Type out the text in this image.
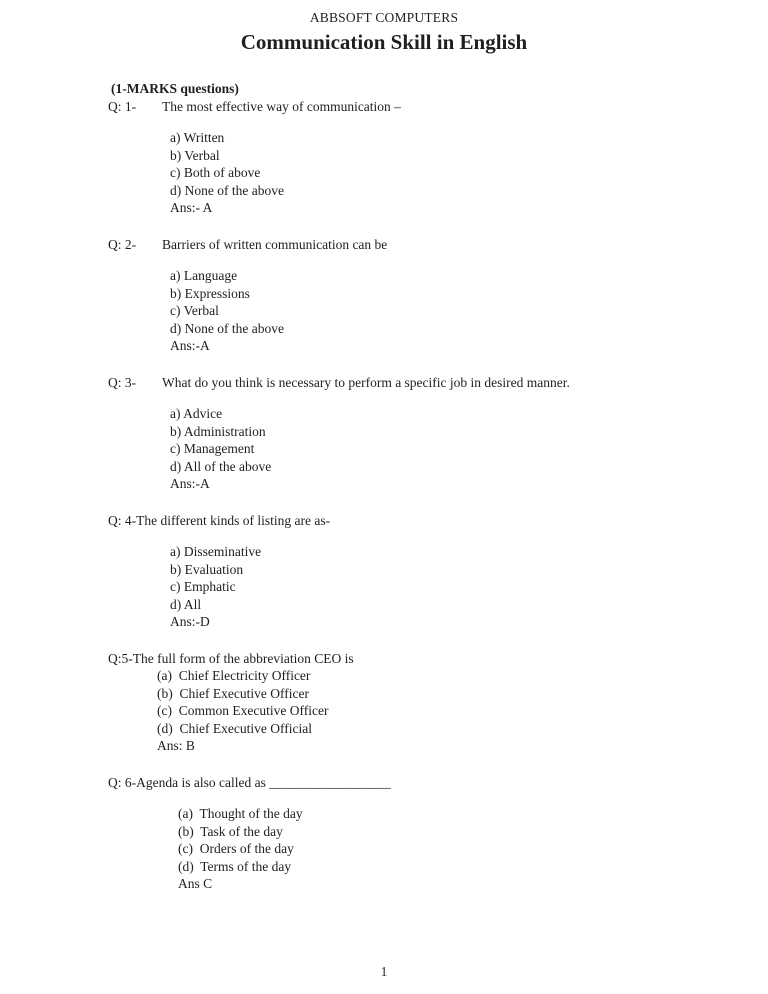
ABBSOFT COMPUTERS
Communication Skill in English
(1-MARKS questions)
Q: 1- The most effective way of communication –
a) Written
b) Verbal
c) Both of above
d) None of the above
Ans:- A
Q: 2- Barriers of written communication can be
a) Language
b) Expressions
c) Verbal
d) None of the above
Ans:-A
Q: 3- What do you think is necessary to perform a specific job in desired manner.
a) Advice
b) Administration
c) Management
d) All of the above
Ans:-A
Q: 4-The different kinds of listing are as-
a) Disseminative
b) Evaluation
c) Emphatic
d) All
Ans:-D
Q:5-The full form of the abbreviation CEO is
(a)  Chief Electricity Officer
(b)  Chief Executive Officer
(c)  Common Executive Officer
(d)  Chief Executive Official
Ans: B
Q: 6-Agenda is also called as __________________
(a)  Thought of the day
(b)  Task of the day
(c)  Orders of the day
(d)  Terms of the day
Ans C
1
